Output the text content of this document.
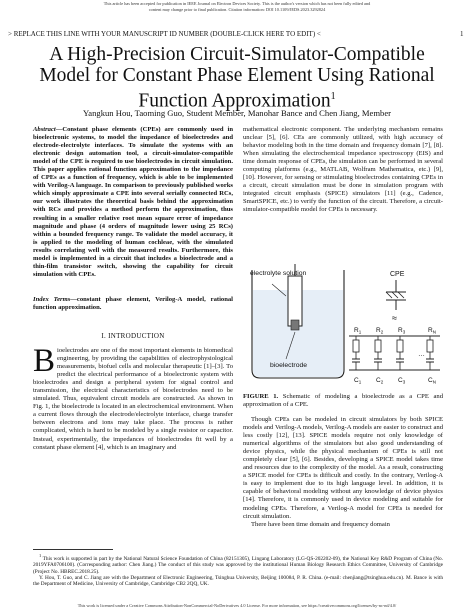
This article has been accepted for publication in IEEE Journal on Electron Devices Society. This is the author's version which has not been fully edited and
content may change prior to final publication. Citation information: DOI 10.1109/JEDS.2023.3292824
> REPLACE THIS LINE WITH YOUR MANUSCRIPT ID NUMBER (DOUBLE-CLICK HERE TO EDIT) <	1
A High-Precision Circuit-Simulator-Compatible Model for Constant Phase Element Using Rational Function Approximation$^1$
Yangkun Hou, Taoming Guo, Student Member, Manohar Bance and Chen Jiang, Member
Abstract—Constant phase elements (CPEs) are commonly used in bioelectronic systems, to model the impedance of bioelectrodes and electrode-electrolyte interfaces. To simulate the systems with an electronic design automation tool, a circuit-simulator-compatible model of the CPE is required to use bioelectrodes in circuit simulation. This paper applies rational function approximation to the impedance of CPEs as a function of frequency, which is able to be implemented with Verilog-A language. In comparison to previously published works which simply approximate a CPE into several serially connected RCs, our work illustrates the theoretical basis behind the approximation with RCs and provides a method perform the approximation, thus resulting in a smaller relative root mean square error of impedance magnitude and phase (4 orders of magnitude lower using 25 RCs) within a bounded frequency range. To validate the model accuracy, it is applied to the modeling of human cochleae, with the simulated results correlating well with the measured results. Furthermore, this model is implemented in a circuit that includes a bioelectrode and a thin-film transistor switch, showing the capability for circuit simulation with CPEs.
Index Terms—constant phase element, Verilog-A model, rational function approximation.
I. INTRODUCTION
Bioelectrodes are one of the most important elements in biomedical engineering, by providing the capabilities of electrophysiological measurements, biofuel cells and molecular therapeutic [1]–[3]. To predict the electrical performance of a bioelectronic system with bioelectrodes and design a peripheral system for signal control and transmission, the electrical characteristics of bioelectrodes need to be simulated. Thus, equivalent circuit models are constructed. As shown in Fig. 1, the bioelectrode is located in an electrochemical environment. When a current flows through the electrode/electrolyte interface, charge transfer between electrons and ions may take place. The process is rather complicated, which is hard to be modeled by a single resistor or capacitor. Instead, experimentally, the impedances of bioelectrodes fit well by a constant phase element [4], which is an imaginary and
mathematical electronic component. The underlying mechanism remains unclear [5], [6]. CEs are commonly utilized, with high accuracy of behavior modeling both in the time domain and frequency domain [7], [8]. When simulating the electrochemical impedance spectroscopy (EIS) and time domain response of CPEs, the simulation can be performed in several computing platforms (e.g., MATLAB, Wolfram Mathematica, etc.) [9], [10]. However, for sensing or stimulating bioelectrodes containing CPEs in a circuit, circuit simulation must be done in simulation program with integrated circuit emphasis (SPICE) simulators [11] (e.g., Cadence, SmartSPICE, etc.) to verify the function of the circuit. Therefore, a circuit-simulator-compatible model for CPEs is necessary.
electrolyte solution
bioelectrode
CPE
≈
…
$R_1$ $R_2$ $R_3$	$R_N$
$C_1$ $C_2$ $C_3$	$C_N$
FIGURE 1. Schematic of modeling a bioelectrode as a CPE and approximation of a CPE.
Though CPEs can be modeled in circuit simulators by both SPICE models and Verilog-A models, Verilog-A models are easier to construct and less costly [12], [13]. SPICE models require not only knowledge of numerical algorithms of the simulators but also good understanding of device physics, while the physical mechanism of CPEs is still not completely clear [5], [6]. Besides, developing a SPICE model takes time and resources due to the complexity of the model. As a result, constructing a SPICE model for CPEs is difficult and costly. In the contrary, Verilog-A is easy to implement due to its high language level. In addition, it is capable of behavioral modeling without any knowledge of device physics [14]. Therefore, it is commonly used in device modeling and suitable for modeling CPEs. Therefore, a Verilog-A model for CPEs is needed for circuit simulation.
There have been time domain and frequency domain
$^1$ This work is supported in part by the National Natural Science Foundation of China (82151305), Lingang Laboratory (LG-QS-202202-09), the National Key R&D Program of China (No. 2019YFA0706100). (Corresponding author: Chen Jiang.) The conduct of this study was approved by the institutional Human Biology Research Ethics Committee, University of Cambridge (Project No. HBREC.2018.25).
Y. Hou, T. Guo, and C. Jiang are with the Department of Electronic Engineering, Tsinghua University, Beijing 100084, P. R. China. (e-mail: chenjiang@tsinghua.edu.cn). M. Bance is with the Department of Medicine, University of Cambridge, Cambridge CB2 2QQ, UK.
This work is licensed under a Creative Commons Attribution-NonCommercial-NoDerivatives 4.0 License. For more information, see https://creativecommons.org/licenses/by-nc-nd/4.0/
